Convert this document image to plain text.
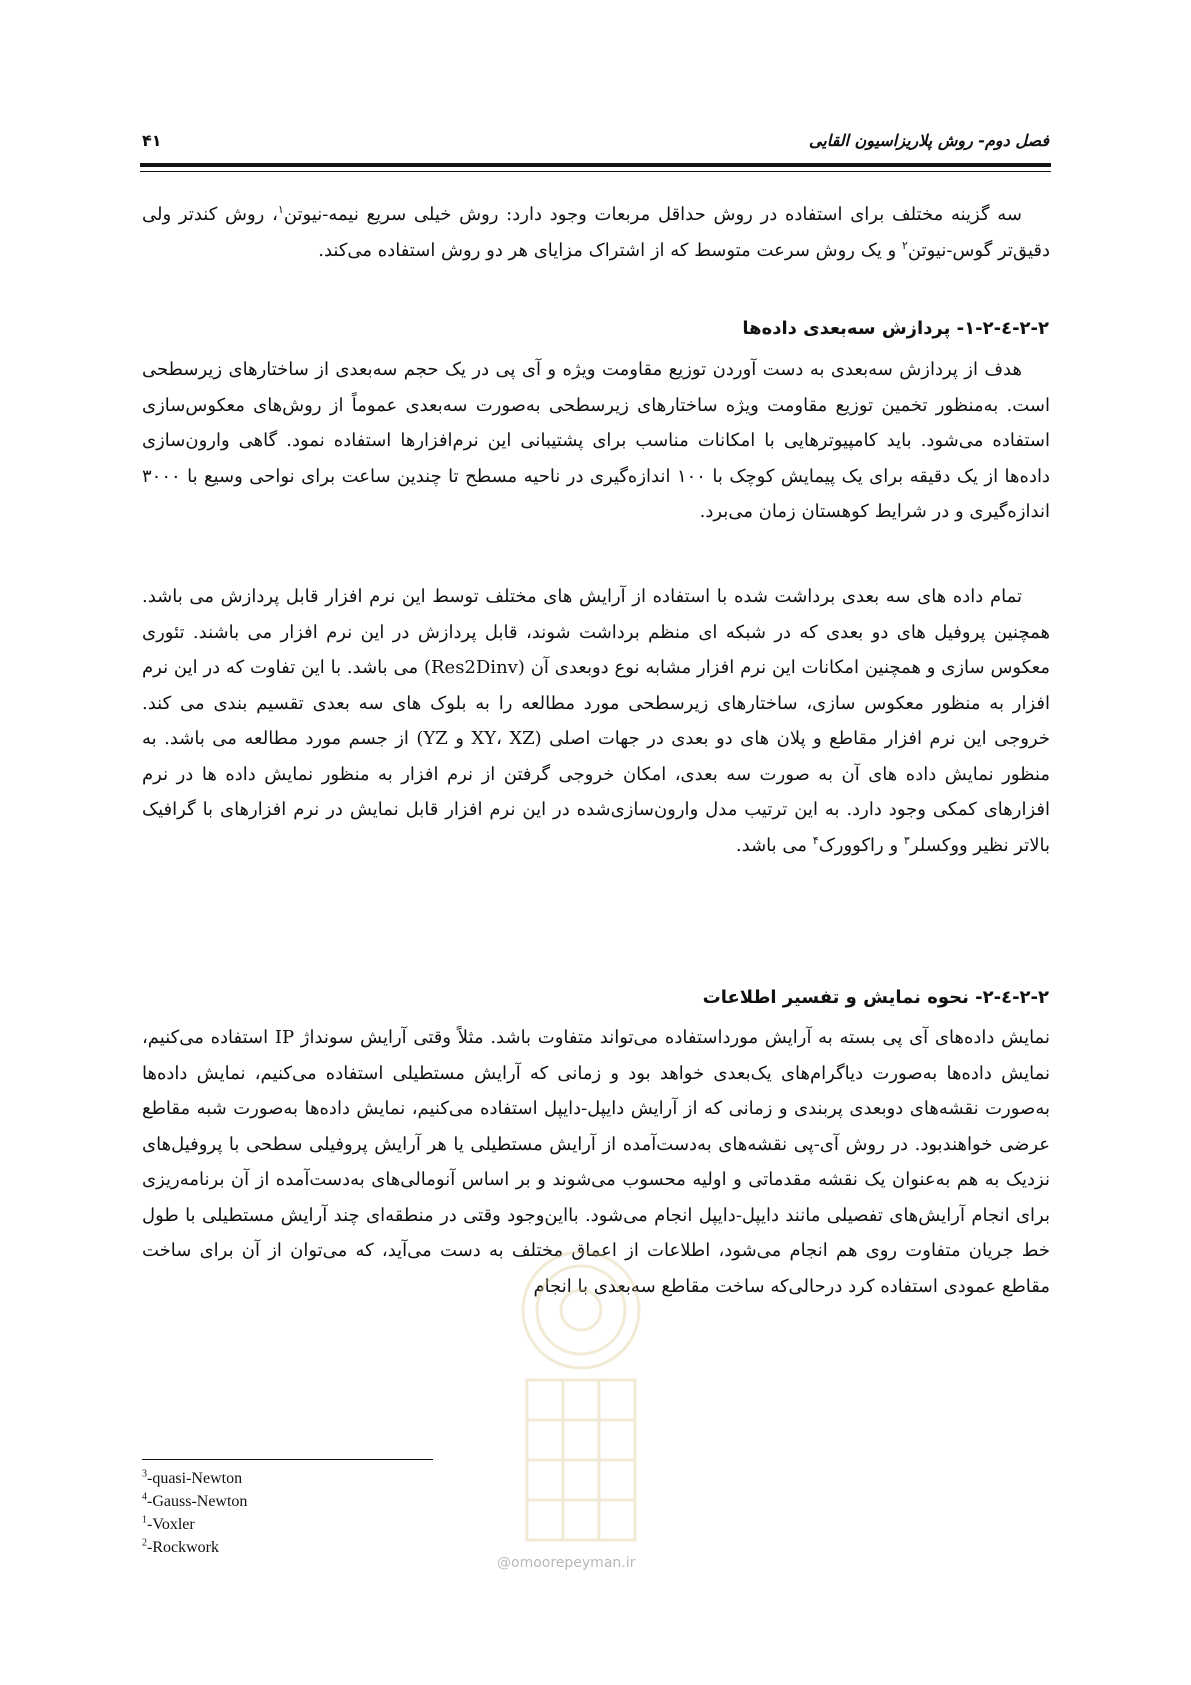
فصل دوم- روش پلاریزاسیون القایی
۴۱

سه گزینه مختلف برای استفاده در روش حداقل مربعات وجود دارد: روش خیلی سریع نیمه-نیوتن$^۱$، روش کندتر ولی دقیق‌تر گوس-نیوتن$^۲$ و یک روش سرعت متوسط که از اشتراک مزایای هر دو روش استفاده می‌کند.

۲-۲-٤-۱-۲- پردازش سه‌بعدی داده‌ها

هدف از پردازش سه‌بعدی به دست آوردن توزیع مقاومت ویژه و آی پی در یک حجم سه‌بعدی از ساختارهای زیرسطحی است. به‌منظور تخمین توزیع مقاومت ویژه ساختارهای زیرسطحی به‌صورت سه‌بعدی عموماً از روش‌های معکوس‌سازی استفاده می‌شود. باید کامپیوترهایی با امکانات مناسب برای پشتیبانی این نرم‌افزارها استفاده نمود. گاهی وارون‌سازی داده‌ها از یک دقیقه برای یک پیمایش کوچک با ۱۰۰ اندازه‌گیری در ناحیه مسطح تا چندین ساعت برای نواحی وسیع با ۳۰۰۰ اندازه‌گیری و در شرایط کوهستان زمان می‌برد.

تمام داده های سه بعدی برداشت شده با استفاده از آرایش های مختلف توسط این نرم افزار قابل پردازش می باشد. همچنین پروفیل های دو بعدی که در شبکه ای منظم برداشت شوند، قابل پردازش در این نرم افزار می باشند. تئوری معکوس سازی و همچنین امکانات این نرم افزار مشابه نوع دوبعدی آن (Res2Dinv) می باشد. با این تفاوت که در این نرم افزار به منظور معکوس سازی، ساختارهای زیرسطحی مورد مطالعه را به بلوک های سه بعدی تقسیم بندی می کند. خروجی این نرم افزار مقاطع و پلان های دو بعدی در جهات اصلی (XY، XZ و YZ) از جسم مورد مطالعه می باشد. به منظور نمایش داده های آن به صورت سه بعدی، امکان خروجی گرفتن از نرم افزار به منظور نمایش داده ها در نرم افزارهای کمکی وجود دارد. به این ترتیب مدل وارون‌سازی‌شده در این نرم افزار قابل نمایش در نرم افزارهای با گرافیک بالاتر نظیر ووکسلر$^۳$ و راکوورک$^۴$ می باشد.

۲-۲-٤-۲- نحوه نمایش و تفسیر اطلاعات

نمایش داده‌های آی پی بسته به آرایش مورداستفاده می‌تواند متفاوت باشد. مثلاً وقتی آرایش سونداژ IP استفاده می‌کنیم، نمایش داده‌ها به‌صورت دیاگرام‌های یک‌بعدی خواهد بود و زمانی که آرایش مستطیلی استفاده می‌کنیم، نمایش داده‌ها به‌صورت نقشه‌های دوبعدی پربندی و زمانی که از آرایش دایپل-دایپل استفاده می‌کنیم، نمایش داده‌ها به‌صورت شبه مقاطع عرضی خواهندبود. در روش آی-پی نقشه‌های به‌دست‌آمده از آرایش مستطیلی یا هر آرایش پروفیلی سطحی با پروفیل‌های نزدیک به هم به‌عنوان یک نقشه مقدماتی و اولیه محسوب می‌شوند و بر اساس آنومالی‌های به‌دست‌آمده از آن برنامه‌ریزی برای انجام آرایش‌های تفصیلی مانند دایپل-دایپل انجام می‌شود. بااین‌وجود وقتی در منطقه‌ای چند آرایش مستطیلی با طول خط جریان متفاوت روی هم انجام می‌شود، اطلاعات از اعماق مختلف به دست می‌آید، که می‌توان از آن برای ساخت مقاطع عمودی استفاده کرد درحالی‌که ساخت مقاطع سه‌بعدی با انجام

@omoorepeyman.ir
$^3$-quasi-Newton
$^4$-Gauss-Newton
$^1$-Voxler
$^2$-Rockwork
